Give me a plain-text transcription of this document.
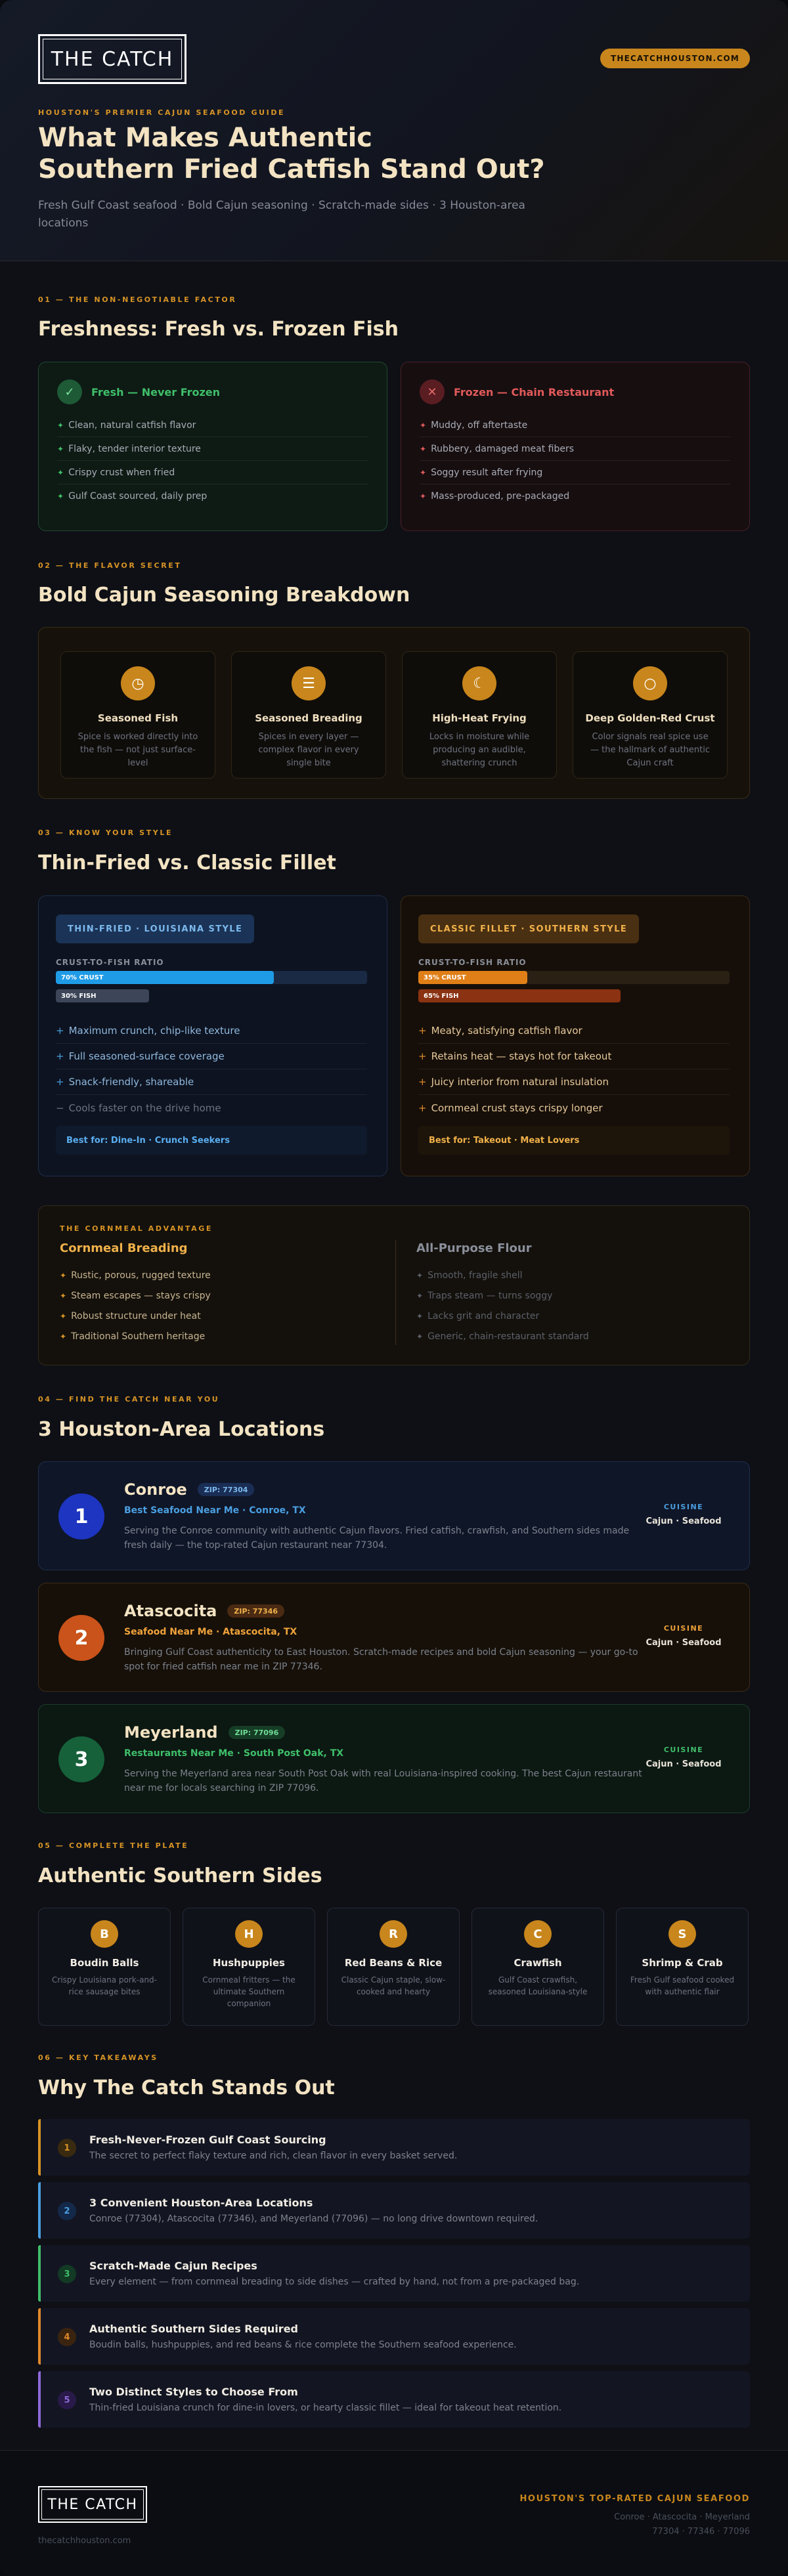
THE CATCH	THECATCHHOUSTON.COM
HOUSTON'S PREMIER CAJUN SEAFOOD GUIDE
What Makes Authentic
Southern Fried Catfish Stand Out?
Fresh Gulf Coast seafood · Bold Cajun seasoning · Scratch-made sides · 3 Houston-area locations
01 — THE NON-NEGOTIABLE FACTOR
Freshness: Fresh vs. Frozen Fish
✓	Fresh — Never Frozen
✦ Clean, natural catfish flavor
✦ Flaky, tender interior texture
✦ Crispy crust when fried
✦ Gulf Coast sourced, daily prep
✕	Frozen — Chain Restaurant
✦ Muddy, off aftertaste
✦ Rubbery, damaged meat fibers
✦ Soggy result after frying
✦ Mass-produced, pre-packaged
02 — THE FLAVOR SECRET
Bold Cajun Seasoning Breakdown
◷
Seasoned Fish
Spice is worked directly into the fish — not just surface-level
☰
Seasoned Breading
Spices in every layer — complex flavor in every single bite
☾
High-Heat Frying
Locks in moisture while producing an audible, shattering crunch
○
Deep Golden-Red Crust
Color signals real spice use — the hallmark of authentic Cajun craft
03 — KNOW YOUR STYLE
Thin-Fried vs. Classic Fillet
THIN-FRIED · LOUISIANA STYLE
CRUST-TO-FISH RATIO
70% CRUST
30% FISH
+ Maximum crunch, chip-like texture
+ Full seasoned-surface coverage
+ Snack-friendly, shareable
− Cools faster on the drive home
Best for: Dine-In · Crunch Seekers
CLASSIC FILLET · SOUTHERN STYLE
CRUST-TO-FISH RATIO
35% CRUST
65% FISH
+ Meaty, satisfying catfish flavor
+ Retains heat — stays hot for takeout
+ Juicy interior from natural insulation
+ Cornmeal crust stays crispy longer
Best for: Takeout · Meat Lovers
THE CORNMEAL ADVANTAGE
Cornmeal Breading
✦ Rustic, porous, rugged texture
✦ Steam escapes — stays crispy
✦ Robust structure under heat
✦ Traditional Southern heritage
All-Purpose Flour
✦ Smooth, fragile shell
✦ Traps steam — turns soggy
✦ Lacks grit and character
✦ Generic, chain-restaurant standard
04 — FIND THE CATCH NEAR YOU
3 Houston-Area Locations
1
Conroe	ZIP: 77304
Best Seafood Near Me · Conroe, TX
Serving the Conroe community with authentic Cajun flavors. Fried catfish, crawfish, and Southern sides made fresh daily — the top-rated Cajun restaurant near 77304.
CUISINE
Cajun · Seafood
2
Atascocita	ZIP: 77346
Seafood Near Me · Atascocita, TX
Bringing Gulf Coast authenticity to East Houston. Scratch-made recipes and bold Cajun seasoning — your go-to spot for fried catfish near me in ZIP 77346.
CUISINE
Cajun · Seafood
3
Meyerland	ZIP: 77096
Restaurants Near Me · South Post Oak, TX
Serving the Meyerland area near South Post Oak with real Louisiana-inspired cooking. The best Cajun restaurant near me for locals searching in ZIP 77096.
CUISINE
Cajun · Seafood
05 — COMPLETE THE PLATE
Authentic Southern Sides
B
Boudin Balls
Crispy Louisiana pork-and-rice sausage bites
H
Hushpuppies
Cornmeal fritters — the ultimate Southern companion
R
Red Beans & Rice
Classic Cajun staple, slow-cooked and hearty
C
Crawfish
Gulf Coast crawfish, seasoned Louisiana-style
S
Shrimp & Crab
Fresh Gulf seafood cooked with authentic flair
06 — KEY TAKEAWAYS
Why The Catch Stands Out
1
Fresh-Never-Frozen Gulf Coast Sourcing
The secret to perfect flaky texture and rich, clean flavor in every basket served.
2
3 Convenient Houston-Area Locations
Conroe (77304), Atascocita (77346), and Meyerland (77096) — no long drive downtown required.
3
Scratch-Made Cajun Recipes
Every element — from cornmeal breading to side dishes — crafted by hand, not from a pre-packaged bag.
4
Authentic Southern Sides Required
Boudin balls, hushpuppies, and red beans & rice complete the Southern seafood experience.
5
Two Distinct Styles to Choose From
Thin-fried Louisiana crunch for dine-in lovers, or hearty classic fillet — ideal for takeout heat retention.
THE CATCH
thecatchhouston.com
HOUSTON'S TOP-RATED CAJUN SEAFOOD
Conroe · Atascocita · Meyerland
77304 · 77346 · 77096
